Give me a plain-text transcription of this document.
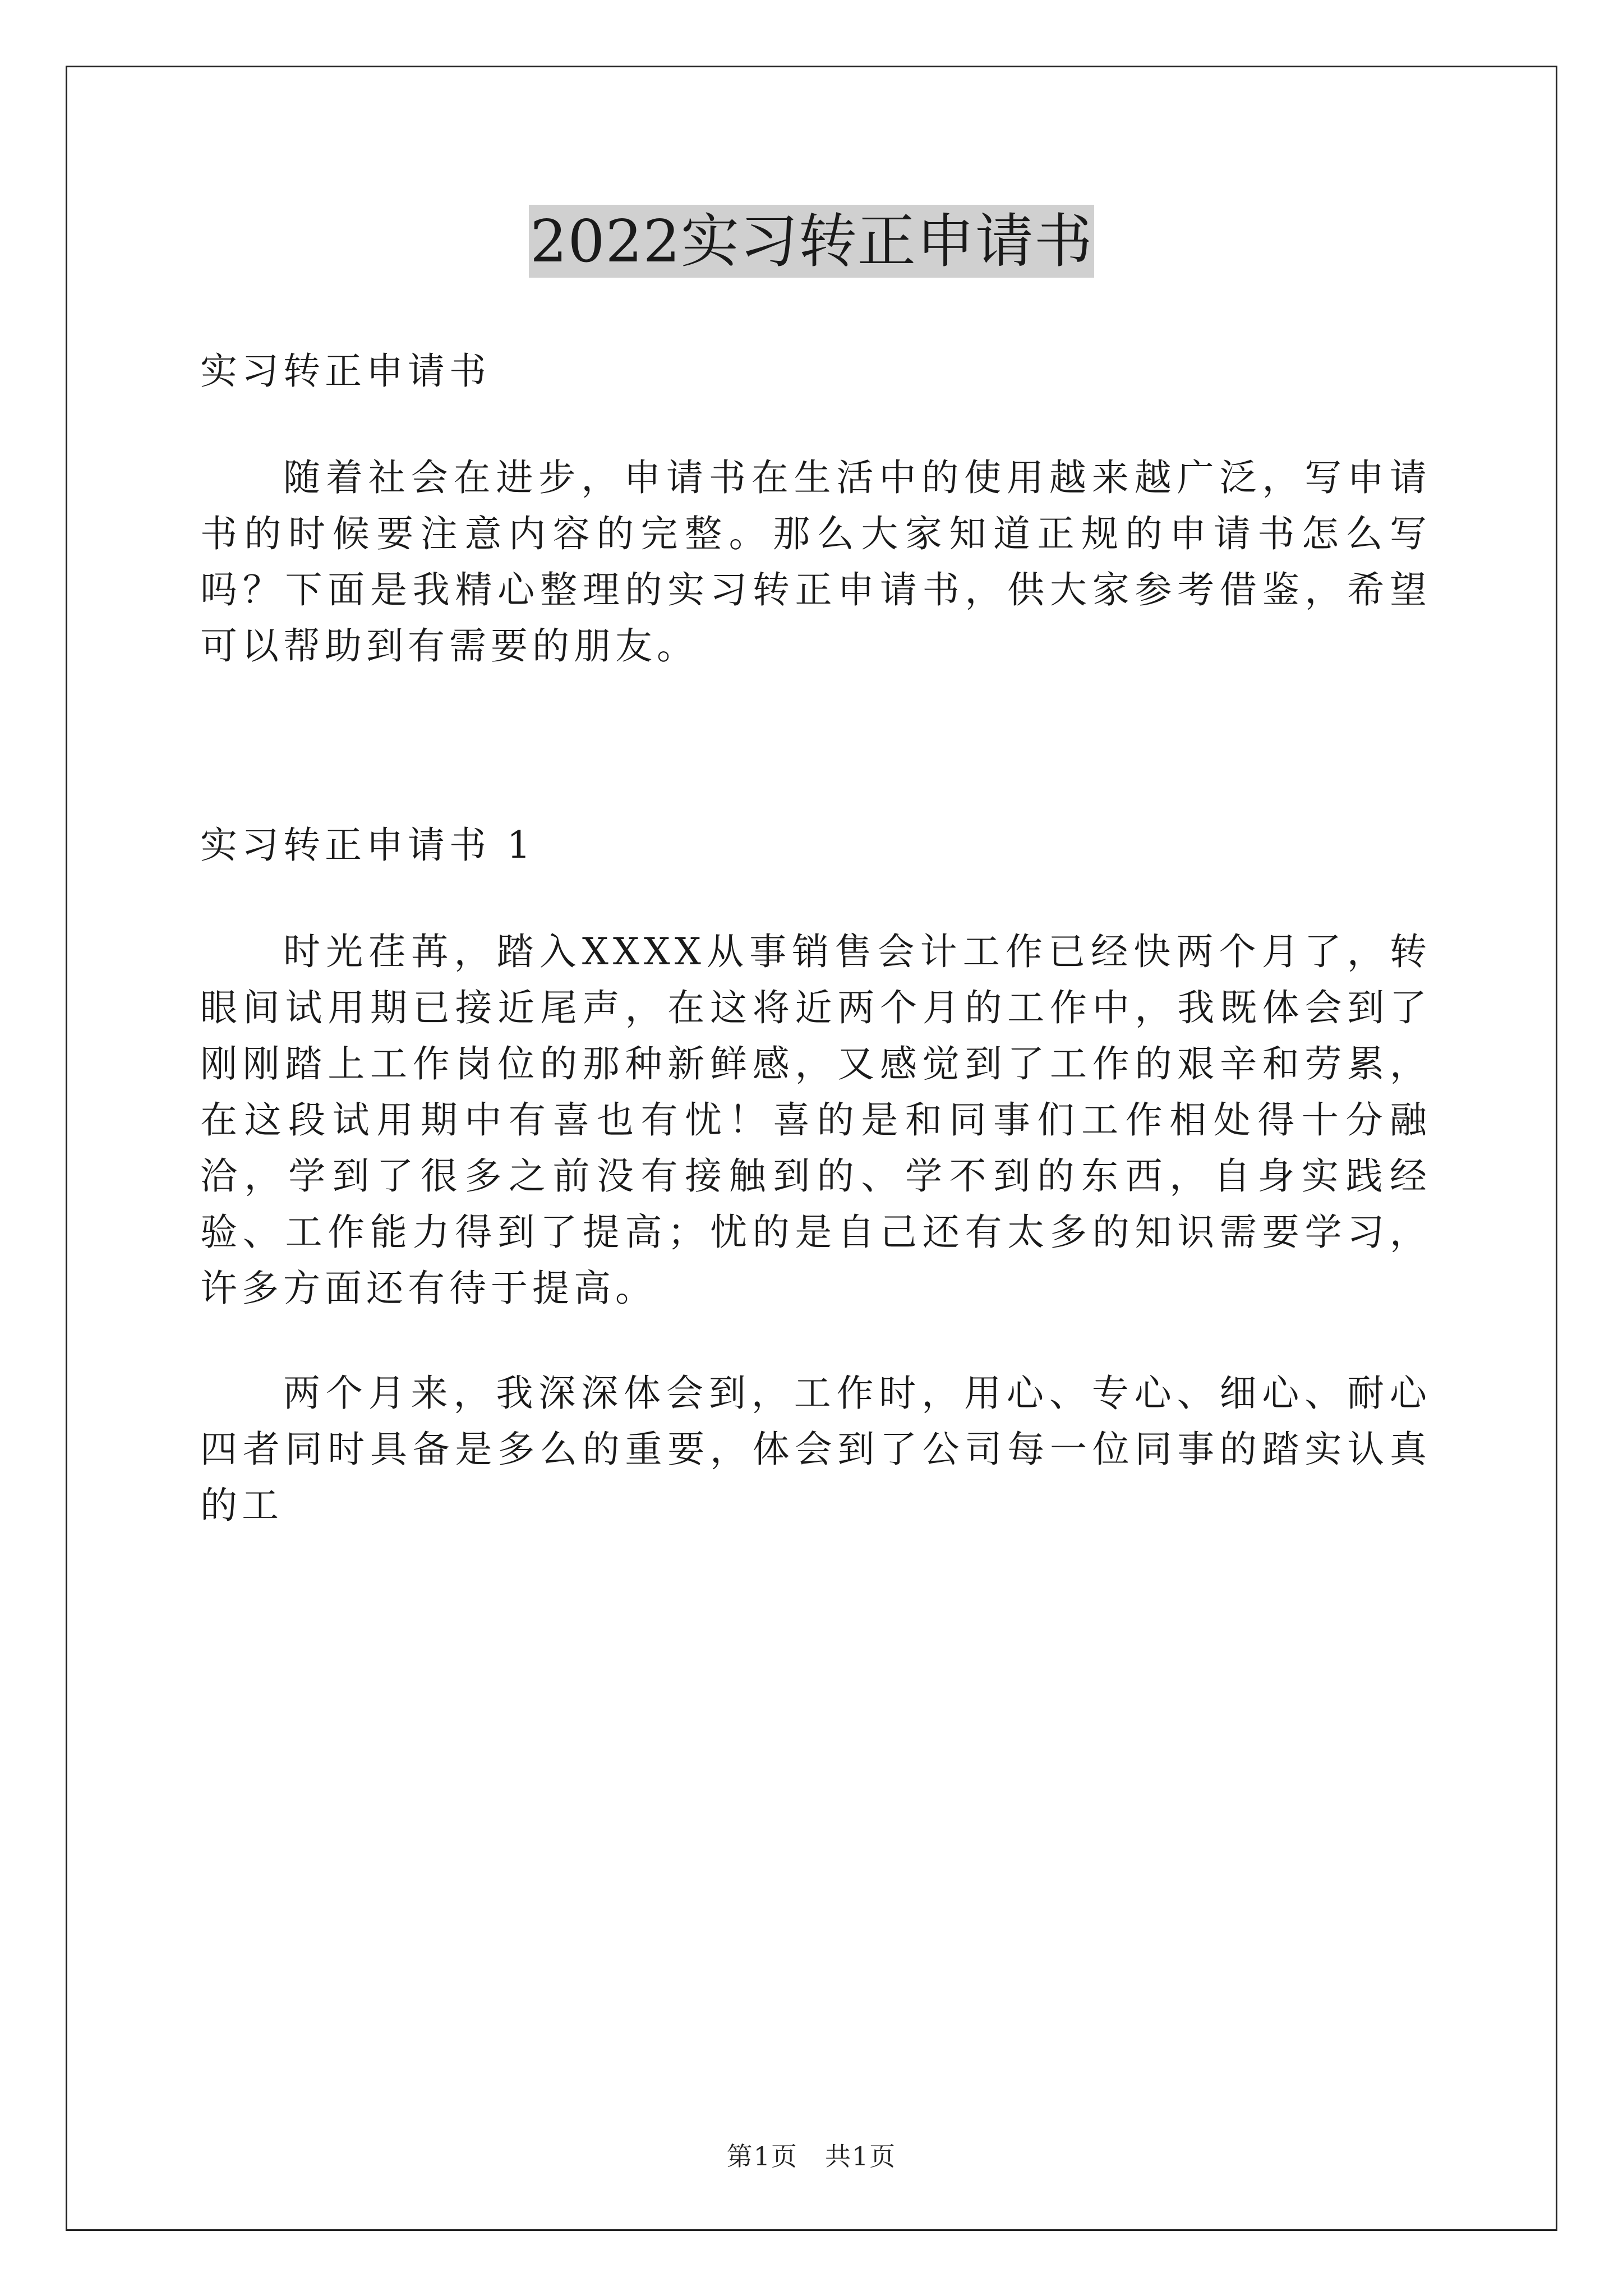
2022实习转正申请书

实习转正申请书

随着社会在进步，申请书在生活中的使用越来越广泛，写申请书的时候要注意内容的完整。那么大家知道正规的申请书怎么写吗？下面是我精心整理的实习转正申请书，供大家参考借鉴，希望可以帮助到有需要的朋友。

实习转正申请书 1

时光荏苒，踏入XXXX从事销售会计工作已经快两个月了，转眼间试用期已接近尾声，在这将近两个月的工作中，我既体会到了刚刚踏上工作岗位的那种新鲜感，又感觉到了工作的艰辛和劳累，在这段试用期中有喜也有忧！喜的是和同事们工作相处得十分融洽，学到了很多之前没有接触到的、学不到的东西，自身实践经验、工作能力得到了提高；忧的是自己还有太多的知识需要学习，许多方面还有待于提高。

两个月来，我深深体会到，工作时，用心、专心、细心、耐心四者同时具备是多么的重要，体会到了公司每一位同事的踏实认真的工

第1页　共1页
